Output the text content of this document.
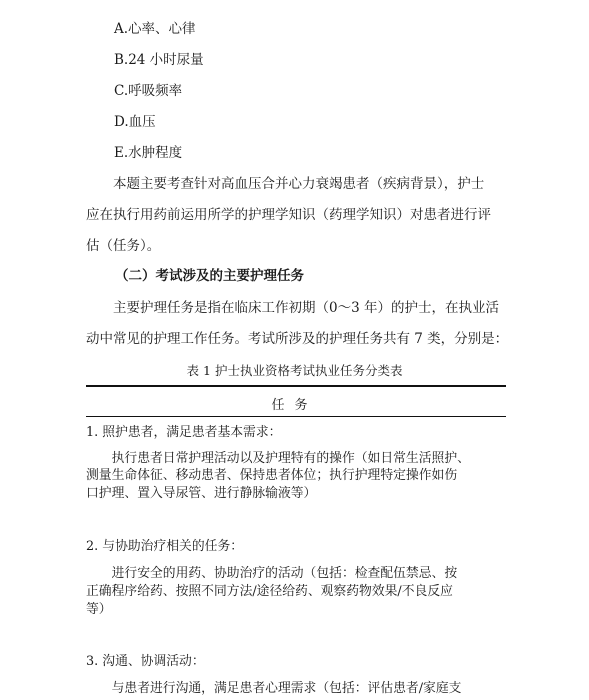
A.心率、心律
B.24 小时尿量
C.呼吸频率
D.血压
E.水肿程度
　　本题主要考查针对高血压合并心力衰竭患者（疾病背景），护士
应在执行用药前运用所学的护理学知识（药理学知识）对患者进行评
估（任务）。
（二）考试涉及的主要护理任务
　　主要护理任务是指在临床工作初期（0～3 年）的护士，在执业活
动中常见的护理工作任务。考试所涉及的护理任务共有 7 类，分别是：
表 1 护士执业资格考试执业任务分类表
任务
1. 照护患者，满足患者基本需求：
　　执行患者日常护理活动以及护理特有的操作（如日常生活照护、
测量生命体征、移动患者、保持患者体位；执行护理特定操作如伤
口护理、置入导尿管、进行静脉输液等）
2. 与协助治疗相关的任务：
　　进行安全的用药、协助治疗的活动（包括：检查配伍禁忌、按
正确程序给药、按照不同方法/途径给药、观察药物效果/不良反应
等）
3. 沟通、协调活动：
　　与患者进行沟通，满足患者心理需求（包括：评估患者/家庭支
